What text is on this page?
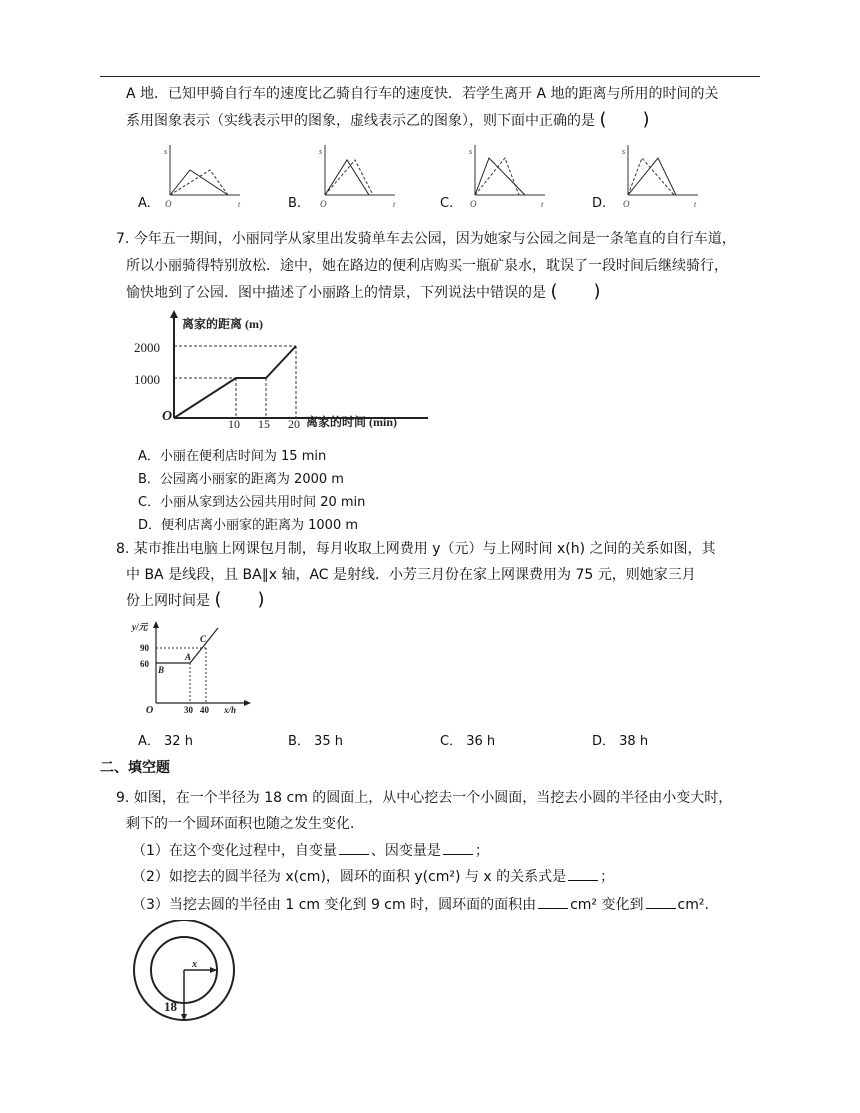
A 地．已知甲骑自行车的速度比乙骑自行车的速度快．若学生离开 A 地的距离与所用的时间的关
系用图象表示（实线表示甲的图象，虚线表示乙的图象），则下面中正确的是 (　　)
s
O	t
s
O	t
s
O	t
s
O	t
A.	B.	C.	D.
7. 今年五一期间，小丽同学从家里出发骑单车去公园，因为她家与公园之间是一条笔直的自行车道，
所以小丽骑得特别放松．途中，她在路边的便利店购买一瓶矿泉水，耽误了一段时间后继续骑行，
愉快地到了公园．图中描述了小丽路上的情景，下列说法中错误的是 (　　)
离家的距离 (m)
2000
1000
O	10 15 20 离家的时间 (min)
A．小丽在便利店时间为 15 min
B．公园离小丽家的距离为 2000 m
C．小丽从家到达公园共用时间 20 min
D．便利店离小丽家的距离为 1000 m
8. 某市推出电脑上网课包月制，每月收取上网费用 y（元）与上网时间 x(h) 之间的关系如图，其
中 BA 是线段，且 BA∥x 轴，AC 是射线．小芳三月份在家上网课费用为 75 元，则她家三月
份上网时间是 (　　)
y/元
90
60
O
B
A
C
30 40 x/h
A． 32 h	B． 35 h	C． 36 h	D． 38 h
二、填空题
9. 如图，在一个半径为 18 cm 的圆面上，从中心挖去一个小圆面，当挖去小圆的半径由小变大时，
剩下的一个圆环面积也随之发生变化．
（1）在这个变化过程中，自变量 、因变量是 ；
（2）如挖去的圆半径为 x(cm)，圆环的面积 y(cm²) 与 x 的关系式是 ；
（3）当挖去圆的半径由 1 cm 变化到 9 cm 时，圆环面的面积由 cm² 变化到 cm².
x
18
